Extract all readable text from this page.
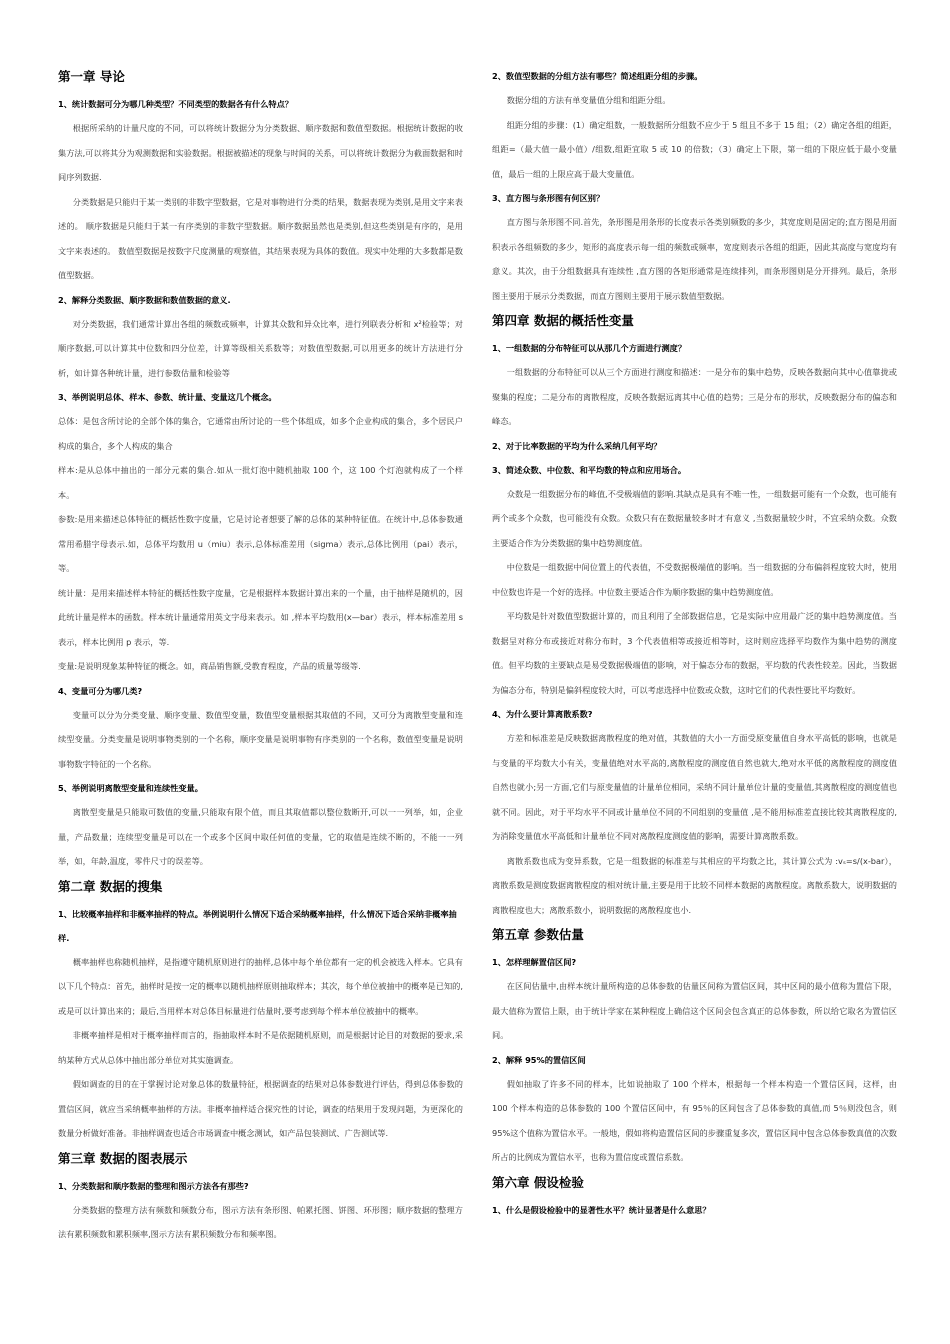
第一章 导论
1、统计数据可分为哪几种类型？不同类型的数据各有什么特点？
根据所采纳的计量尺度的不同，可以将统计数据分为分类数据、顺序数据和数值型数据。根据统计数据的收集方法,可以将其分为观测数据和实验数据。根据被描述的现象与时间的关系，可以将统计数据分为截面数据和时间序列数据.
分类数据是只能归于某一类别的非数字型数据，它是对事物进行分类的结果，数据表现为类别,是用文字来表述的。 顺序数据是只能归于某一有序类别的非数字型数据。顺序数据虽然也是类别,但这些类别是有序的，是用文字来表述的。 数值型数据是按数字尺度测量的观察值，其结果表现为具体的数值。现实中处理的大多数都是数值型数据。
2、解释分类数据、顺序数据和数值数据的意义.
对分类数据，我们通常计算出各组的频数或频率，计算其众数和异众比率，进行列联表分析和 x²检验等；对顺序数据,可以计算其中位数和四分位差，计算等级相关系数等；对数值型数据,可以用更多的统计方法进行分析，如计算各种统计量，进行参数估量和检验等
3、举例说明总体、样本、参数、统计量、变量这几个概念。
总体：是包含所讨论的全部个体的集合，它通常由所讨论的一些个体组成，如多个企业构成的集合，多个居民户构成的集合，多个人构成的集合
样本:是从总体中抽出的一部分元素的集合.如从一批灯泡中随机抽取 100 个，这 100 个灯泡就构成了一个样本。
参数:是用来描述总体特征的概括性数字度量，它是讨论者想要了解的总体的某种特征值。在统计中,总体参数通常用希腊字母表示.如，总体平均数用 u（miu）表示,总体标准差用（sigma）表示,总体比例用（pai）表示，等。
统计量：是用来描述样本特征的概括性数字度量，它是根据样本数据计算出来的一个量，由于抽样是随机的，因此统计量是样本的函数。样本统计量通常用英文字母来表示。如 ,样本平均数用(x—bar）表示，样本标准差用 s 表示，样本比例用 p 表示，等.
变量:是说明现象某种特征的概念。如，商品销售额,受教育程度，产品的质量等级等.
4、变量可分为哪几类?
变量可以分为分类变量、顺序变量、数值型变量，数值型变量根据其取值的不同，又可分为离散型变量和连续型变量。分类变量是说明事物类别的一个名称，顺序变量是说明事物有序类别的一个名称，数值型变量是说明事物数字特征的一个名称。
5、举例说明离散型变量和连续性变量。
离散型变量是只能取可数值的变量,只能取有限个值，而且其取值都以整位数断开,可以一一列举，如，企业量，产品数量；连续型变量是可以在一个或多个区间中取任何值的变量，它的取值是连续不断的，不能一一列举，如，年龄,温度，零件尺寸的误差等。
第二章 数据的搜集
1、比较概率抽样和非概率抽样的特点。举例说明什么情况下适合采纳概率抽样，什么情况下适合采纳非概率抽样.
概率抽样也称随机抽样，是指遵守随机原则进行的抽样,总体中每个单位都有一定的机会被选入样本。它具有以下几个特点：首先，抽样时是按一定的概率以随机抽样原则抽取样本；其次，每个单位被抽中的概率是已知的,或是可以计算出来的；最后,当用样本对总体目标量进行估量时,要考虑到每个样本单位被抽中的概率。
非概率抽样是相对于概率抽样而言的，指抽取样本时不是依据随机原则，而是根据讨论目的对数据的要求,采纳某种方式从总体中抽出部分单位对其实施调查。
假如调查的目的在于掌握讨论对象总体的数量特征，根据调查的结果对总体参数进行评估，得到总体参数的置信区间，就应当采纳概率抽样的方法。非概率抽样适合探究性的讨论，调查的结果用于发现问题，为更深化的数量分析做好准备。非抽样调查也适合市场调查中概念测试，如产品包装测试、广告测试等.
第三章 数据的图表展示
1、分类数据和顺序数据的整理和图示方法各有那些?
分类数据的整理方法有频数和频数分布，图示方法有条形图、帕累托图、饼图、环形图；顺序数据的整理方法有累积频数和累积频率,图示方法有累积频数分布和频率图。
2、数值型数据的分组方法有哪些？简述组距分组的步骤。
数据分组的方法有单变量值分组和组距分组。
组距分组的步骤：(1）确定组数，一般数据所分组数不应少于 5 组且不多于 15 组；（2）确定各组的组距，组距=（最大值一最小值）/组数,组距宜取 5 或 10 的倍数；（3）确定上下限，第一组的下限应低于最小变量值，最后一组的上限应高于最大变量值。
3、直方图与条形图有何区别？
直方图与条形图不同.首先，条形图是用条形的长度表示各类别频数的多少，其宽度则是固定的;直方图是用面积表示各组频数的多少，矩形的高度表示每一组的频数或频率，宽度则表示各组的组距，因此其高度与宽度均有意义。其次，由于分组数据具有连续性 ,直方图的各矩形通常是连续排列，而条形图则是分开排列。最后，条形图主要用于展示分类数据，而直方图则主要用于展示数值型数据。
第四章 数据的概括性变量
1、一组数据的分布特征可以从那几个方面进行测度？
一组数据的分布特征可以从三个方面进行测度和描述：一是分布的集中趋势，反映各数据向其中心值靠拢或聚集的程度；二是分布的离散程度，反映各数据远离其中心值的趋势；三是分布的形状，反映数据分布的偏态和峰态。
2、对于比率数据的平均为什么采纳几何平均？
3、简述众数、中位数、和平均数的特点和应用场合。
众数是一组数据分布的峰值,不受极端值的影响.其缺点是具有不唯一性，一组数据可能有一个众数，也可能有两个或多个众数，也可能没有众数。众数只有在数据量较多时才有意义 ,当数据量较少时，不宜采纳众数。众数主要适合作为分类数据的集中趋势测度值。
中位数是一组数据中间位置上的代表值，不受数据极端值的影响。当一组数据的分布偏斜程度较大时，使用中位数也许是一个好的选择。中位数主要适合作为顺序数据的集中趋势测度值。
平均数是针对数值型数据计算的，而且利用了全部数据信息，它是实际中应用最广泛的集中趋势测度值。当数据呈对称分布或接近对称分布时，3 个代表值相等或接近相等时，这时则应选择平均数作为集中趋势的测度值。但平均数的主要缺点是易受数据极端值的影响，对于偏态分布的数据，平均数的代表性较差。因此，当数据为偏态分布，特别是偏斜程度较大时，可以考虑选择中位数或众数，这时它们的代表性要比平均数好。
4、为什么要计算离散系数?
方差和标准差是反映数据离散程度的绝对值，其数值的大小一方面受原变量值自身水平高低的影响，也就是与变量的平均数大小有关，变量值绝对水平高的,离散程度的测度值自然也就大,绝对水平低的离散程度的测度值自然也就小;另一方面,它们与原变量值的计量单位相同，采纳不同计量单位计量的变量值,其离散程度的测度值也就不同。因此，对于平均水平不同或计量单位不同的不同组别的变量值 ,是不能用标准差直接比较其离散程度的,为消除变量值水平高低和计量单位不同对离散程度测度值的影响，需要计算离散系数。
离散系数也成为变异系数，它是一组数据的标准差与其相应的平均数之比，其计算公式为 :vₛ=s/(x-bar），离散系数是测度数据离散程度的相对统计量,主要是用于比较不同样本数据的离散程度。离散系数大，说明数据的离散程度也大；离散系数小，说明数据的离散程度也小.
第五章 参数估量
1、怎样理解置信区间?
在区间估量中,由样本统计量所构造的总体参数的估量区间称为置信区间，其中区间的最小值称为置信下限，最大值称为置信上限，由于统计学家在某种程度上确信这个区间会包含真正的总体参数，所以给它取名为置信区间。
2、解释 95%的置信区间
假如抽取了许多不同的样本，比如说抽取了 100 个样本，根据每一个样本构造一个置信区间，这样，由 100 个样本构造的总体参数的 100 个置信区间中，有 95％的区间包含了总体参数的真值,而 5％则没包含，则 95%这个值称为置信水平。一般地，假如将构造置信区间的步骤重复多次，置信区间中包含总体参数真值的次数所占的比例成为置信水平，也称为置信度或置信系数。
第六章 假设检验
1、什么是假设检验中的显著性水平？统计显著是什么意思？
